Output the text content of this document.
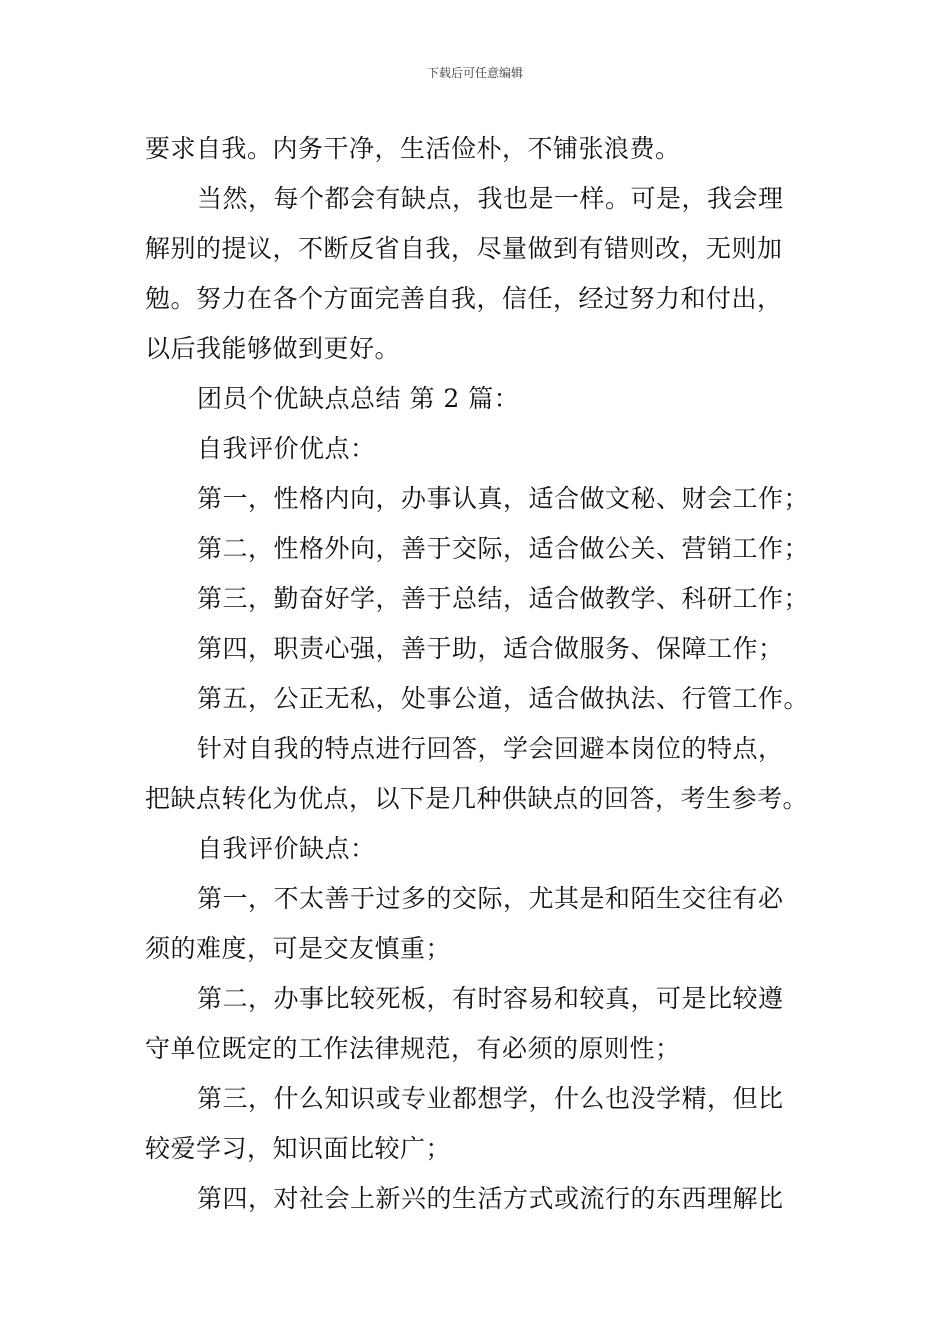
下载后可任意编辑
要求自我。内务干净，生活俭朴，不铺张浪费。
当然，每个都会有缺点，我也是一样。可是，我会理
解别的提议，不断反省自我，尽量做到有错则改，无则加
勉。努力在各个方面完善自我，信任，经过努力和付出，
以后我能够做到更好。
团员个优缺点总结 第 2 篇：
自我评价优点：
第一，性格内向，办事认真，适合做文秘、财会工作；
第二，性格外向，善于交际，适合做公关、营销工作；
第三，勤奋好学，善于总结，适合做教学、科研工作；
第四，职责心强，善于助，适合做服务、保障工作；
第五，公正无私，处事公道，适合做执法、行管工作。
针对自我的特点进行回答，学会回避本岗位的特点，
把缺点转化为优点，以下是几种供缺点的回答，考生参考。
自我评价缺点：
第一，不太善于过多的交际，尤其是和陌生交往有必
须的难度，可是交友慎重；
第二，办事比较死板，有时容易和较真，可是比较遵
守单位既定的工作法律规范，有必须的原则性；
第三，什么知识或专业都想学，什么也没学精，但比
较爱学习，知识面比较广；
第四，对社会上新兴的生活方式或流行的东西理解比
